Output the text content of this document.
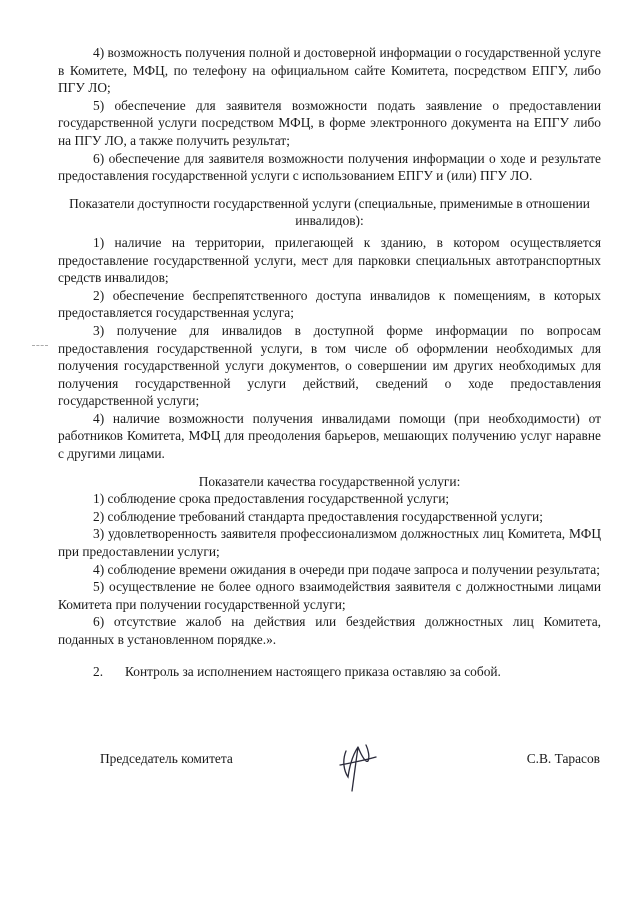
4) возможность получения полной и достоверной информации о государственной услуге в Комитете, МФЦ, по телефону на официальном сайте Комитета, посредством ЕПГУ, либо ПГУ ЛО;

5) обеспечение для заявителя возможности подать заявление о предоставлении государственной услуги посредством МФЦ, в форме электронного документа на ЕПГУ либо на ПГУ ЛО, а также получить результат;

6) обеспечение для заявителя возможности получения информации о ходе и результате предоставления государственной услуги с использованием ЕПГУ и (или) ПГУ ЛО.

Показатели доступности государственной услуги (специальные, применимые в отношении инвалидов):

1) наличие на территории, прилегающей к зданию, в котором осуществляется предоставление государственной услуги, мест для парковки специальных автотранспортных средств инвалидов;

2) обеспечение беспрепятственного доступа инвалидов к помещениям, в которых предоставляется государственная услуга;

3) получение для инвалидов в доступной форме информации по вопросам предоставления государственной услуги, в том числе об оформлении необходимых для получения государственной услуги документов, о совершении им других необходимых для получения государственной услуги действий, сведений о ходе предоставления государственной услуги;

4) наличие возможности получения инвалидами помощи (при необходимости) от работников Комитета, МФЦ для преодоления барьеров, мешающих получению услуг наравне с другими лицами.

Показатели качества государственной услуги:

1) соблюдение срока предоставления государственной услуги;

2) соблюдение требований стандарта предоставления государственной услуги;

3) удовлетворенность заявителя профессионализмом должностных лиц Комитета, МФЦ при предоставлении услуги;

4) соблюдение времени ожидания в очереди при подаче запроса и получении результата;

5) осуществление не более одного взаимодействия заявителя с должностными лицами Комитета при получении государственной услуги;

6) отсутствие жалоб на действия или бездействия должностных лиц Комитета, поданных в установленном порядке.».

2. Контроль за исполнением настоящего приказа оставляю за собой.
Председатель комитета	С.В. Тарасов
